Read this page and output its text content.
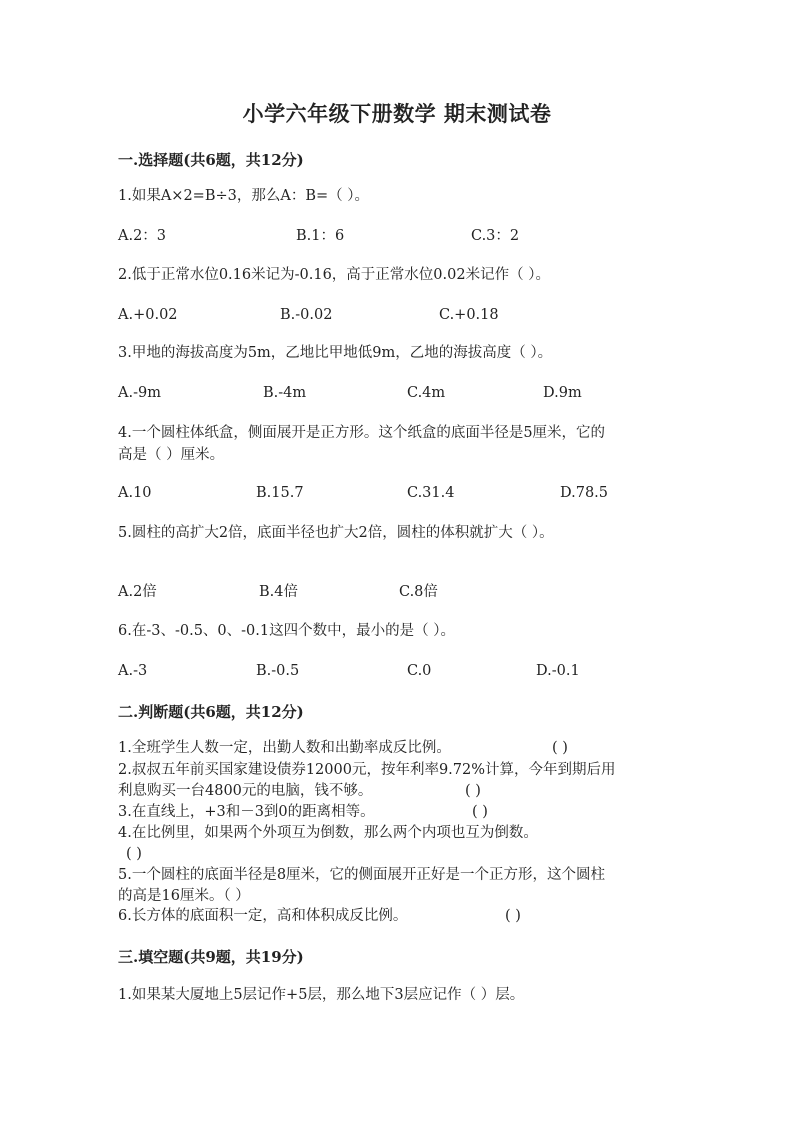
小学六年级下册数学 期末测试卷
一.选择题(共6题，共12分)
1.如果A×2=B÷3，那么A：B=（ ）。
A.2：3	B.1：6	C.3：2
2.低于正常水位0.16米记为-0.16，高于正常水位0.02米记作（ ）。
A.+0.02	B.-0.02	C.+0.18
3.甲地的海拔高度为5m，乙地比甲地低9m，乙地的海拔高度（ ）。
A.-9m	B.-4m	C.4m	D.9m
4.一个圆柱体纸盒，侧面展开是正方形。这个纸盒的底面半径是5厘米，它的
高是（ ）厘米。
A.10	B.15.7	C.31.4	D.78.5
5.圆柱的高扩大2倍，底面半径也扩大2倍，圆柱的体积就扩大（ ）。
A.2倍	B.4倍	C.8倍
6.在-3、-0.5、0、-0.1这四个数中，最小的是（ ）。
A.-3	B.-0.5	C.0	D.-0.1
二.判断题(共6题，共12分)
1.全班学生人数一定，出勤人数和出勤率成反比例。	( )
2.叔叔五年前买国家建设债券12000元，按年利率9.72%计算，今年到期后用
利息购买一台4800元的电脑，钱不够。	( )
3.在直线上，+3和－3到0的距离相等。	( )
4.在比例里，如果两个外项互为倒数，那么两个内项也互为倒数。
( )
5.一个圆柱的底面半径是8厘米，它的侧面展开正好是一个正方形，这个圆柱
的高是16厘米。（ ）
6.长方体的底面积一定，高和体积成反比例。	( )
三.填空题(共9题，共19分)
1.如果某大厦地上5层记作+5层，那么地下3层应记作（ ）层。
